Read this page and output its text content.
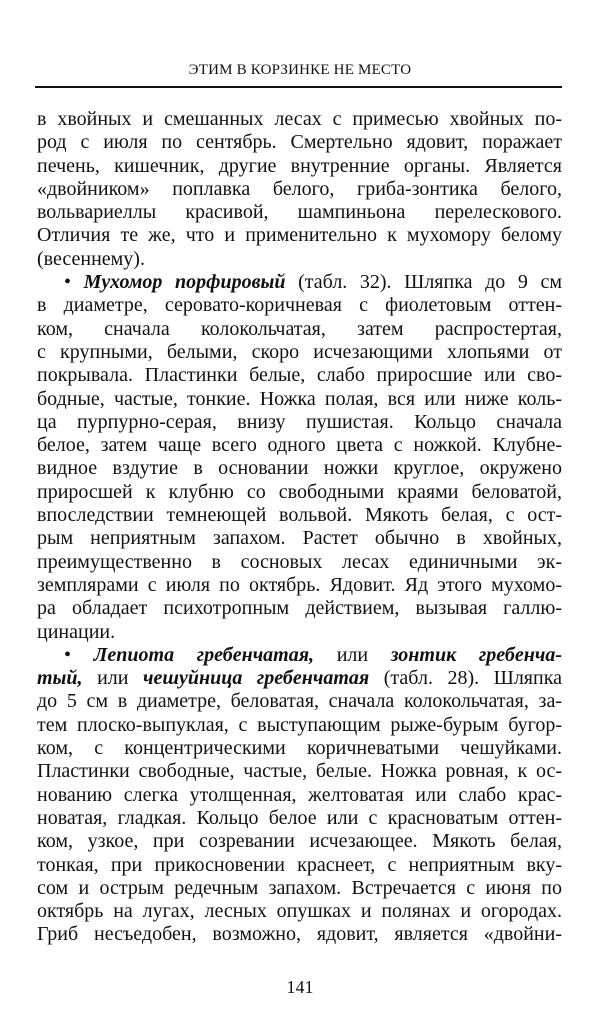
ЭТИМ В КОРЗИНКЕ НЕ МЕСТО
в хвойных и смешанных лесах с примесью хвойных по-
род с июля по сентябрь. Смертельно ядовит, поражает
печень, кишечник, другие внутренние органы. Является
«двойником» поплавка белого, гриба-зонтика белого,
вольвариеллы красивой, шампиньона перелескового.
Отличия те же, что и применительно к мухомору белому
(весеннему).
• Мухомор порфировый (табл. 32). Шляпка до 9 см
в диаметре, серовато-коричневая с фиолетовым оттен-
ком, сначала колокольчатая, затем распростертая,
с крупными, белыми, скоро исчезающими хлопьями от
покрывала. Пластинки белые, слабо приросшие или сво-
бодные, частые, тонкие. Ножка полая, вся или ниже коль-
ца пурпурно-серая, внизу пушистая. Кольцо сначала
белое, затем чаще всего одного цвета с ножкой. Клубне-
видное вздутие в основании ножки круглое, окружено
приросшей к клубню со свободными краями беловатой,
впоследствии темнеющей вольвой. Мякоть белая, с ост-
рым неприятным запахом. Растет обычно в хвойных,
преимущественно в сосновых лесах единичными эк-
земплярами с июля по октябрь. Ядовит. Яд этого мухомо-
ра обладает психотропным действием, вызывая галлю-
цинации.
• Лепиота гребенчатая, или зонтик гребенча-
тый, или чешуйница гребенчатая (табл. 28). Шляпка
до 5 см в диаметре, беловатая, сначала колокольчатая, за-
тем плоско-выпуклая, с выступающим рыже-бурым бугор-
ком, с концентрическими коричневатыми чешуйками.
Пластинки свободные, частые, белые. Ножка ровная, к ос-
нованию слегка утолщенная, желтоватая или слабо крас-
новатая, гладкая. Кольцо белое или с красноватым оттен-
ком, узкое, при созревании исчезающее. Мякоть белая,
тонкая, при прикосновении краснеет, с неприятным вку-
сом и острым редечным запахом. Встречается с июня по
октябрь на лугах, лесных опушках и полянах и огородах.
Гриб несъедобен, возможно, ядовит, является «двойни-
141
